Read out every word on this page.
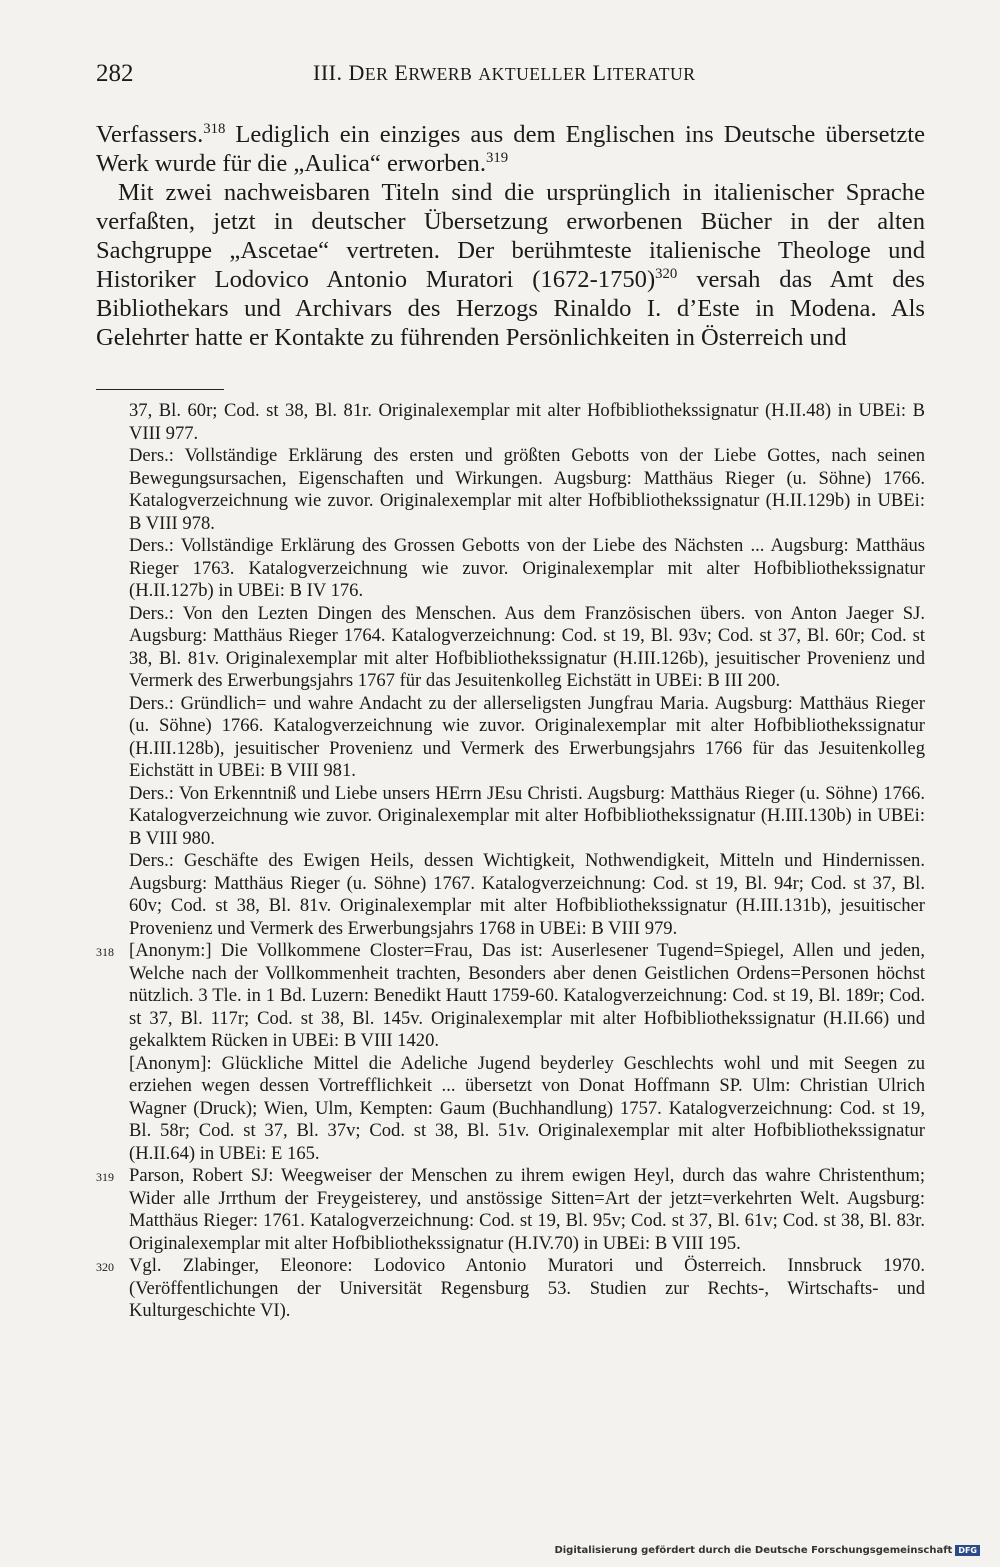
282	III. DER ERWERB AKTUELLER LITERATUR

Verfassers.$^{318}$ Lediglich ein einziges aus dem Englischen ins Deutsche übersetzte Werk wurde für die „Aulica“ erworben.$^{319}$

Mit zwei nachweisbaren Titeln sind die ursprünglich in italienischer Sprache verfaßten, jetzt in deutscher Übersetzung erworbenen Bücher in der alten Sachgruppe „Ascetae“ vertreten. Der berühmteste italienische Theologe und Historiker Lodovico Antonio Muratori (1672-1750)$^{320}$ versah das Amt des Bibliothekars und Archivars des Herzogs Rinaldo I. d’Este in Modena. Als Gelehrter hatte er Kontakte zu führenden Persönlichkeiten in Österreich und

37, Bl. 60r; Cod. st 38, Bl. 81r. Originalexemplar mit alter Hofbibliothekssignatur (H.II.48) in UBEi: B VIII 977.

Ders.: Vollständige Erklärung des ersten und größten Gebotts von der Liebe Gottes, nach seinen Bewegungsursachen, Eigenschaften und Wirkungen. Augsburg: Matthäus Rieger (u. Söhne) 1766. Katalogverzeichnung wie zuvor. Originalexemplar mit alter Hofbibliothekssignatur (H.II.129b) in UBEi: B VIII 978.

Ders.: Vollständige Erklärung des Grossen Gebotts von der Liebe des Nächsten ... Augsburg: Matthäus Rieger 1763. Katalogverzeichnung wie zuvor. Originalexemplar mit alter Hofbibliothekssignatur (H.II.127b) in UBEi: B IV 176.

Ders.: Von den Lezten Dingen des Menschen. Aus dem Französischen übers. von Anton Jaeger SJ. Augsburg: Matthäus Rieger 1764. Katalogverzeichnung: Cod. st 19, Bl. 93v; Cod. st 37, Bl. 60r; Cod. st 38, Bl. 81v. Originalexemplar mit alter Hofbibliothekssignatur (H.III.126b), jesuitischer Provenienz und Vermerk des Erwerbungsjahrs 1767 für das Jesuitenkolleg Eichstätt in UBEi: B III 200.

Ders.: Gründlich= und wahre Andacht zu der allerseligsten Jungfrau Maria. Augsburg: Matthäus Rieger (u. Söhne) 1766. Katalogverzeichnung wie zuvor. Originalexemplar mit alter Hofbibliothekssignatur (H.III.128b), jesuitischer Provenienz und Vermerk des Erwerbungsjahrs 1766 für das Jesuitenkolleg Eichstätt in UBEi: B VIII 981.

Ders.: Von Erkenntniß und Liebe unsers HErrn JEsu Christi. Augsburg: Matthäus Rieger (u. Söhne) 1766. Katalogverzeichnung wie zuvor. Originalexemplar mit alter Hofbibliothekssignatur (H.III.130b) in UBEi: B VIII 980.

Ders.: Geschäfte des Ewigen Heils, dessen Wichtigkeit, Nothwendigkeit, Mitteln und Hindernissen. Augsburg: Matthäus Rieger (u. Söhne) 1767. Katalogverzeichnung: Cod. st 19, Bl. 94r; Cod. st 37, Bl. 60v; Cod. st 38, Bl. 81v. Originalexemplar mit alter Hofbibliothekssignatur (H.III.131b), jesuitischer Provenienz und Vermerk des Erwerbungsjahrs 1768 in UBEi: B VIII 979.

318 [Anonym:] Die Vollkommene Closter=Frau, Das ist: Auserlesener Tugend=Spiegel, Allen und jeden, Welche nach der Vollkommenheit trachten, Besonders aber denen Geistlichen Ordens=Personen höchst nützlich. 3 Tle. in 1 Bd. Luzern: Benedikt Hautt 1759-60. Katalogverzeichnung: Cod. st 19, Bl. 189r; Cod. st 37, Bl. 117r; Cod. st 38, Bl. 145v. Originalexemplar mit alter Hofbibliothekssignatur (H.II.66) und gekalktem Rücken in UBEi: B VIII 1420.

[Anonym]: Glückliche Mittel die Adeliche Jugend beyderley Geschlechts wohl und mit Seegen zu erziehen wegen dessen Vortrefflichkeit ... übersetzt von Donat Hoffmann SP. Ulm: Christian Ulrich Wagner (Druck); Wien, Ulm, Kempten: Gaum (Buchhandlung) 1757. Katalogverzeichnung: Cod. st 19, Bl. 58r; Cod. st 37, Bl. 37v; Cod. st 38, Bl. 51v. Originalexemplar mit alter Hofbibliothekssignatur (H.II.64) in UBEi: E 165.

319 Parson, Robert SJ: Weegweiser der Menschen zu ihrem ewigen Heyl, durch das wahre Christenthum; Wider alle Jrrthum der Freygeisterey, und anstössige Sitten=Art der jetzt=verkehrten Welt. Augsburg: Matthäus Rieger: 1761. Katalogverzeichnung: Cod. st 19, Bl. 95v; Cod. st 37, Bl. 61v; Cod. st 38, Bl. 83r. Originalexemplar mit alter Hofbibliothekssignatur (H.IV.70) in UBEi: B VIII 195.

320 Vgl. Zlabinger, Eleonore: Lodovico Antonio Muratori und Österreich. Innsbruck 1970. (Veröffentlichungen der Universität Regensburg 53. Studien zur Rechts-, Wirtschafts- und Kulturgeschichte VI).

Digitalisierung gefördert durch die Deutsche Forschungsgemeinschaft DFG
